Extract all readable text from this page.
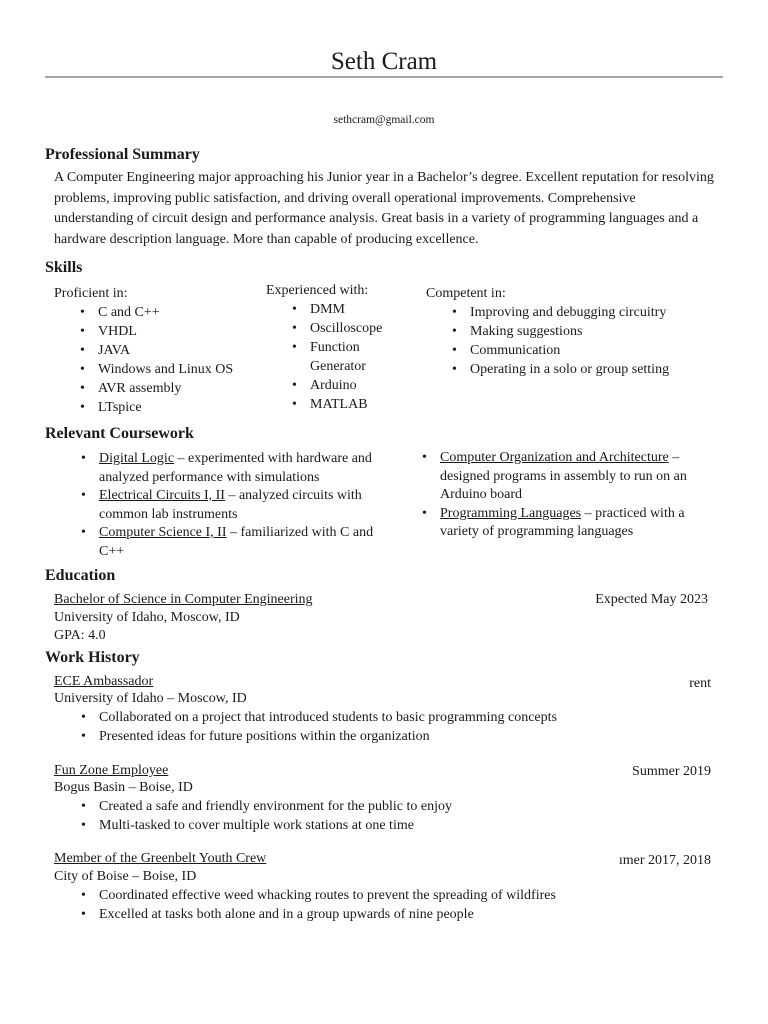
Seth Cram
sethcram@gmail.com
Professional Summary
A Computer Engineering major approaching his Junior year in a Bachelor’s degree. Excellent reputation for resolving problems, improving public satisfaction, and driving overall operational improvements. Comprehensive understanding of circuit design and performance analysis. Great basis in a variety of programming languages and a hardware description language. More than capable of producing excellence.
Skills
Proficient in:
• C and C++
• VHDL
• JAVA
• Windows and Linux OS
• AVR assembly
• LTspice
Experienced with:
• DMM
• Oscilloscope
• Function Generator
• Arduino
• MATLAB
Competent in:
• Improving and debugging circuitry
• Making suggestions
• Communication
• Operating in a solo or group setting
Relevant Coursework
• Digital Logic – experimented with hardware and analyzed performance with simulations
• Electrical Circuits I, II – analyzed circuits with common lab instruments
• Computer Science I, II – familiarized with C and C++
• Computer Organization and Architecture – designed programs in assembly to run on an Arduino board
• Programming Languages – practiced with a variety of programming languages
Education
Bachelor of Science in Computer Engineering	Expected May 2023
University of Idaho, Moscow, ID
GPA: 4.0
Work History
ECE Ambassador	rent
University of Idaho – Moscow, ID
• Collaborated on a project that introduced students to basic programming concepts
• Presented ideas for future positions within the organization
Fun Zone Employee	Summer 2019
Bogus Basin – Boise, ID
• Created a safe and friendly environment for the public to enjoy
• Multi-tasked to cover multiple work stations at one time
Member of the Greenbelt Youth Crew	ımer 2017, 2018
City of Boise – Boise, ID
• Coordinated effective weed whacking routes to prevent the spreading of wildfires
• Excelled at tasks both alone and in a group upwards of nine people
